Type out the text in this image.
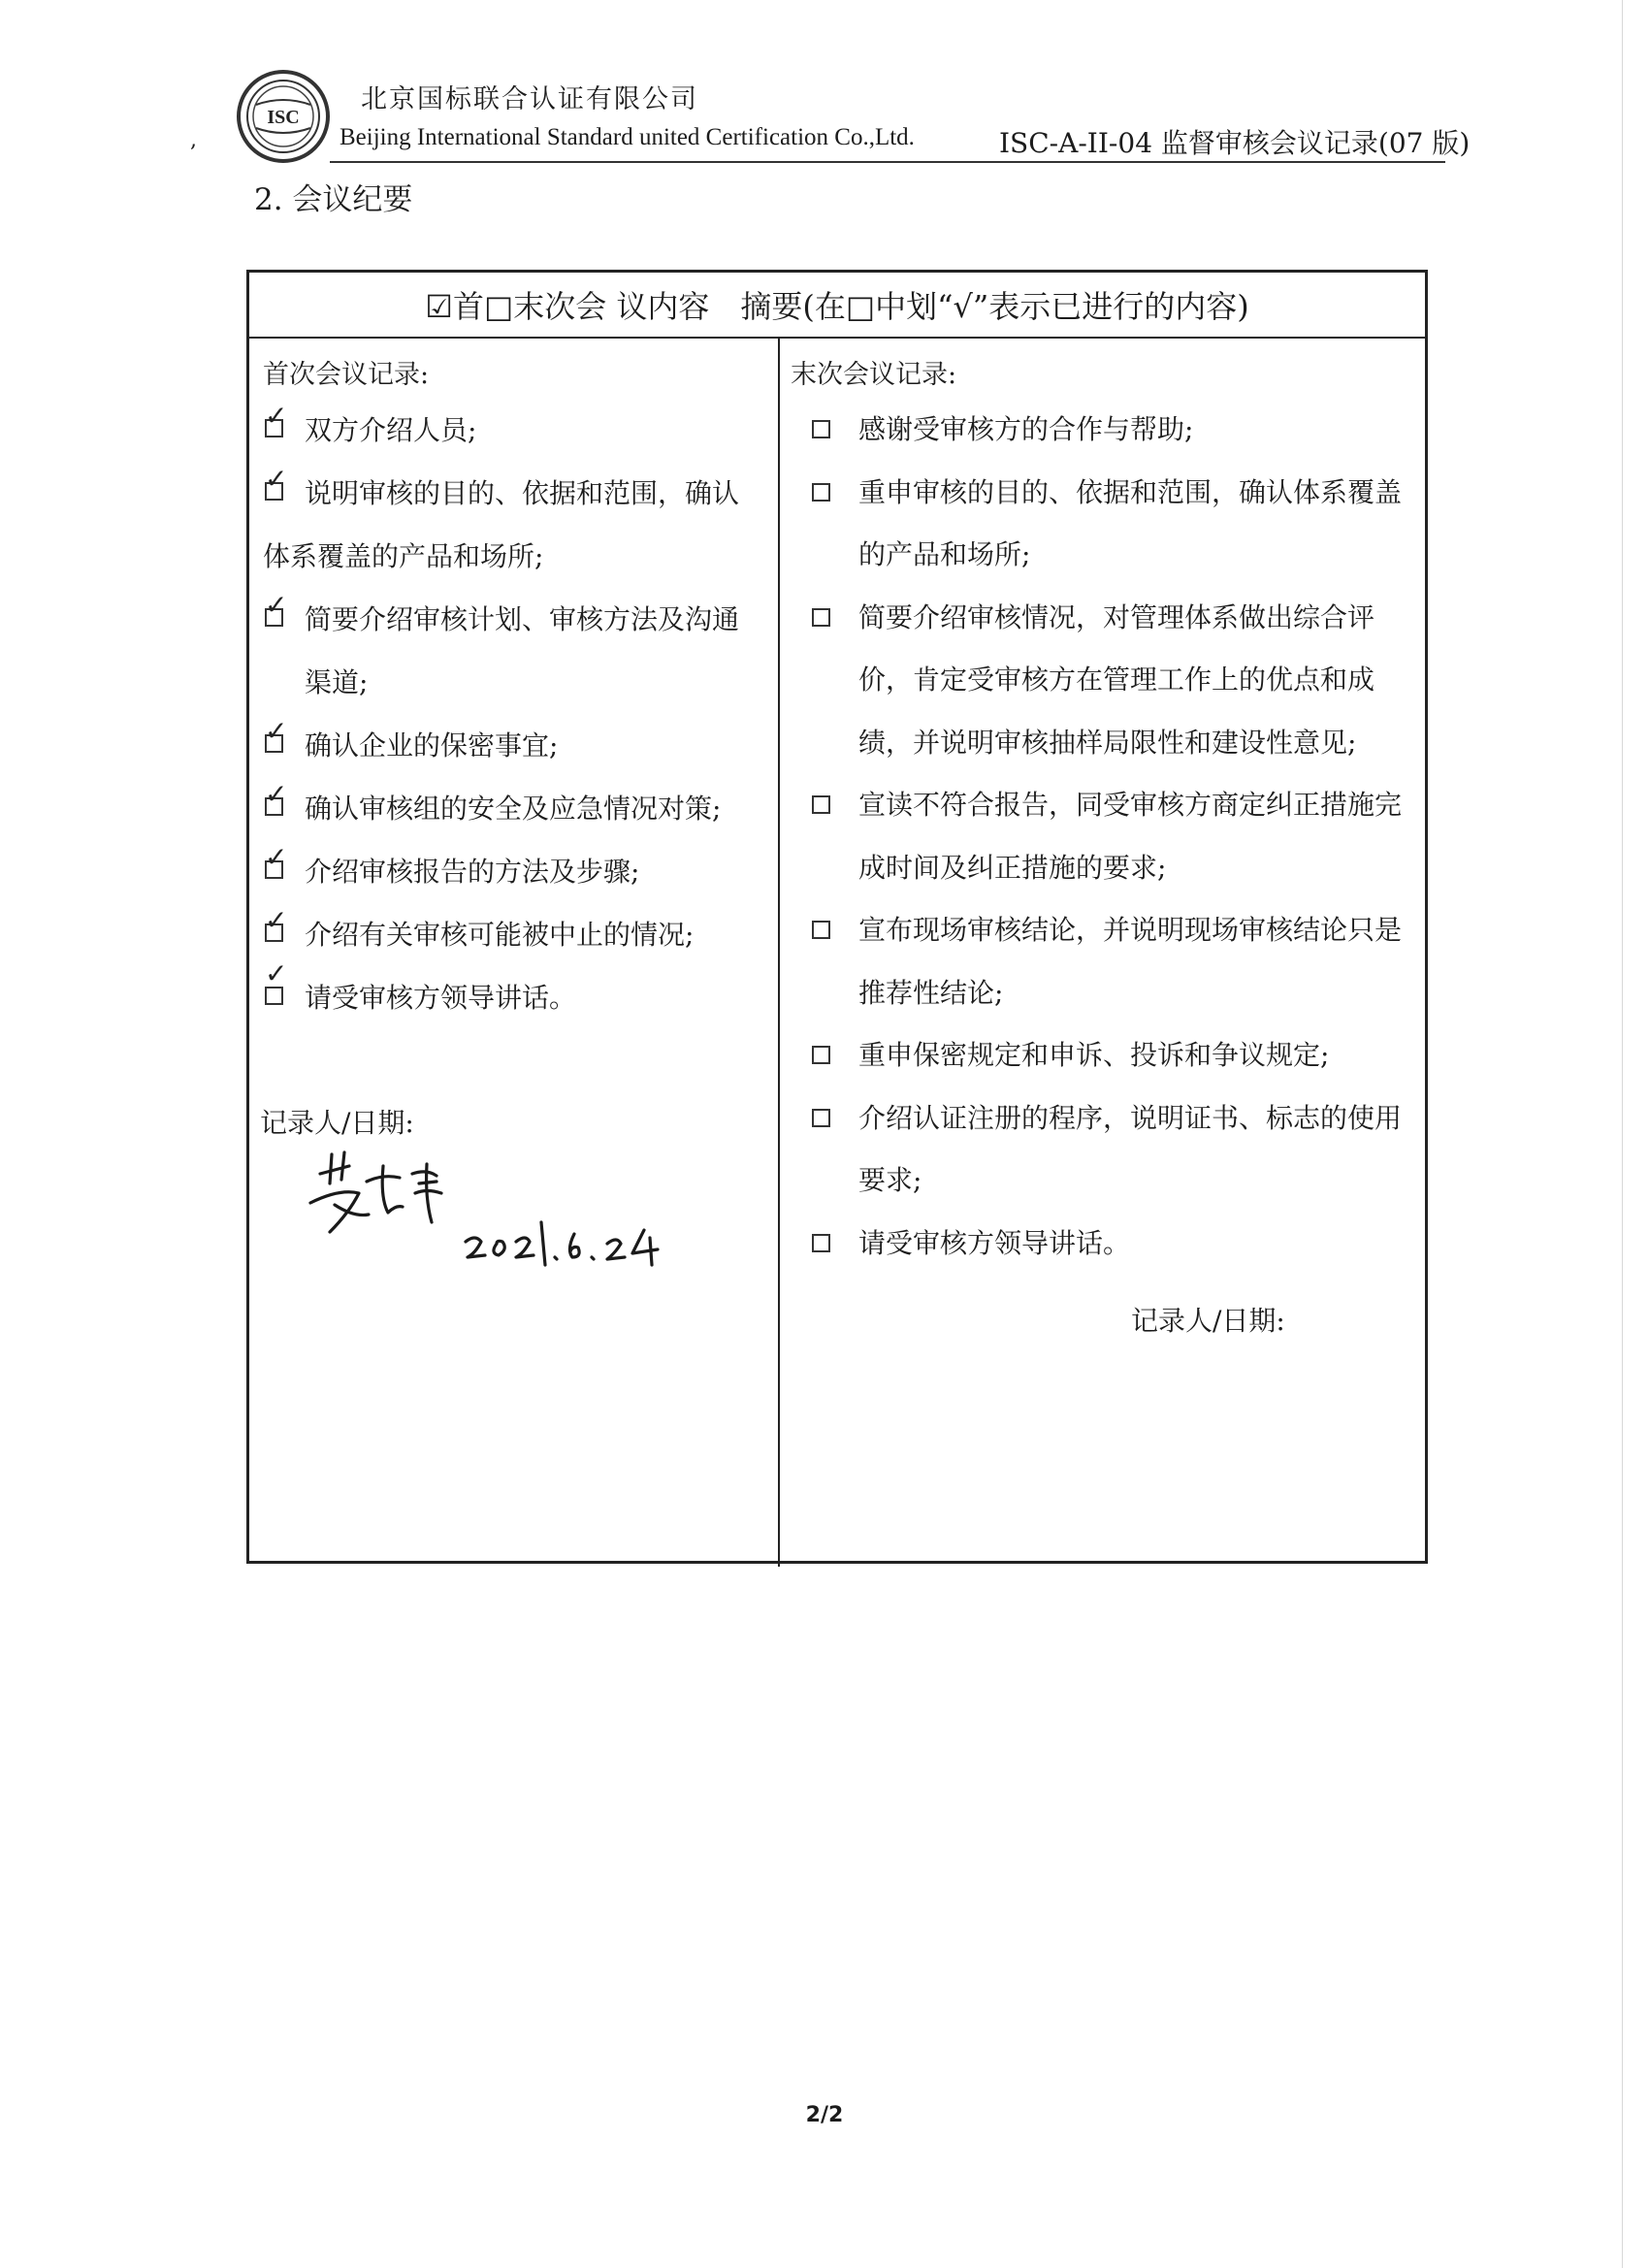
,
ISC
北京国标联合认证有限公司
Beijing International Standard united Certification Co.,Ltd.	ISC-A-II-04 监督审核会议记录(07 版)
2. 会议纪要
☑首□末次会 议内容　摘要(在□中划“√”表示已进行的内容)
首次会议记录:
✓ 双方介绍人员;
✓ 说明审核的目的、依据和范围，确认
体系覆盖的产品和场所;
✓ 简要介绍审核计划、审核方法及沟通
渠道;
✓ 确认企业的保密事宜;
✓ 确认审核组的安全及应急情况对策;
✓ 介绍审核报告的方法及步骤;
✓ 介绍有关审核可能被中止的情况;
✓
请受审核方领导讲话。
末次会议记录:
感谢受审核方的合作与帮助;
重申审核的目的、依据和范围，确认体系覆盖
的产品和场所;
简要介绍审核情况，对管理体系做出综合评
价，肯定受审核方在管理工作上的优点和成
绩，并说明审核抽样局限性和建设性意见;
宣读不符合报告，同受审核方商定纠正措施完
成时间及纠正措施的要求;
宣布现场审核结论，并说明现场审核结论只是
推荐性结论;
重申保密规定和申诉、投诉和争议规定;
介绍认证注册的程序，说明证书、标志的使用
要求;
请受审核方领导讲话。
记录人/日期:
记录人/日期:
2021.6.24
2/2
